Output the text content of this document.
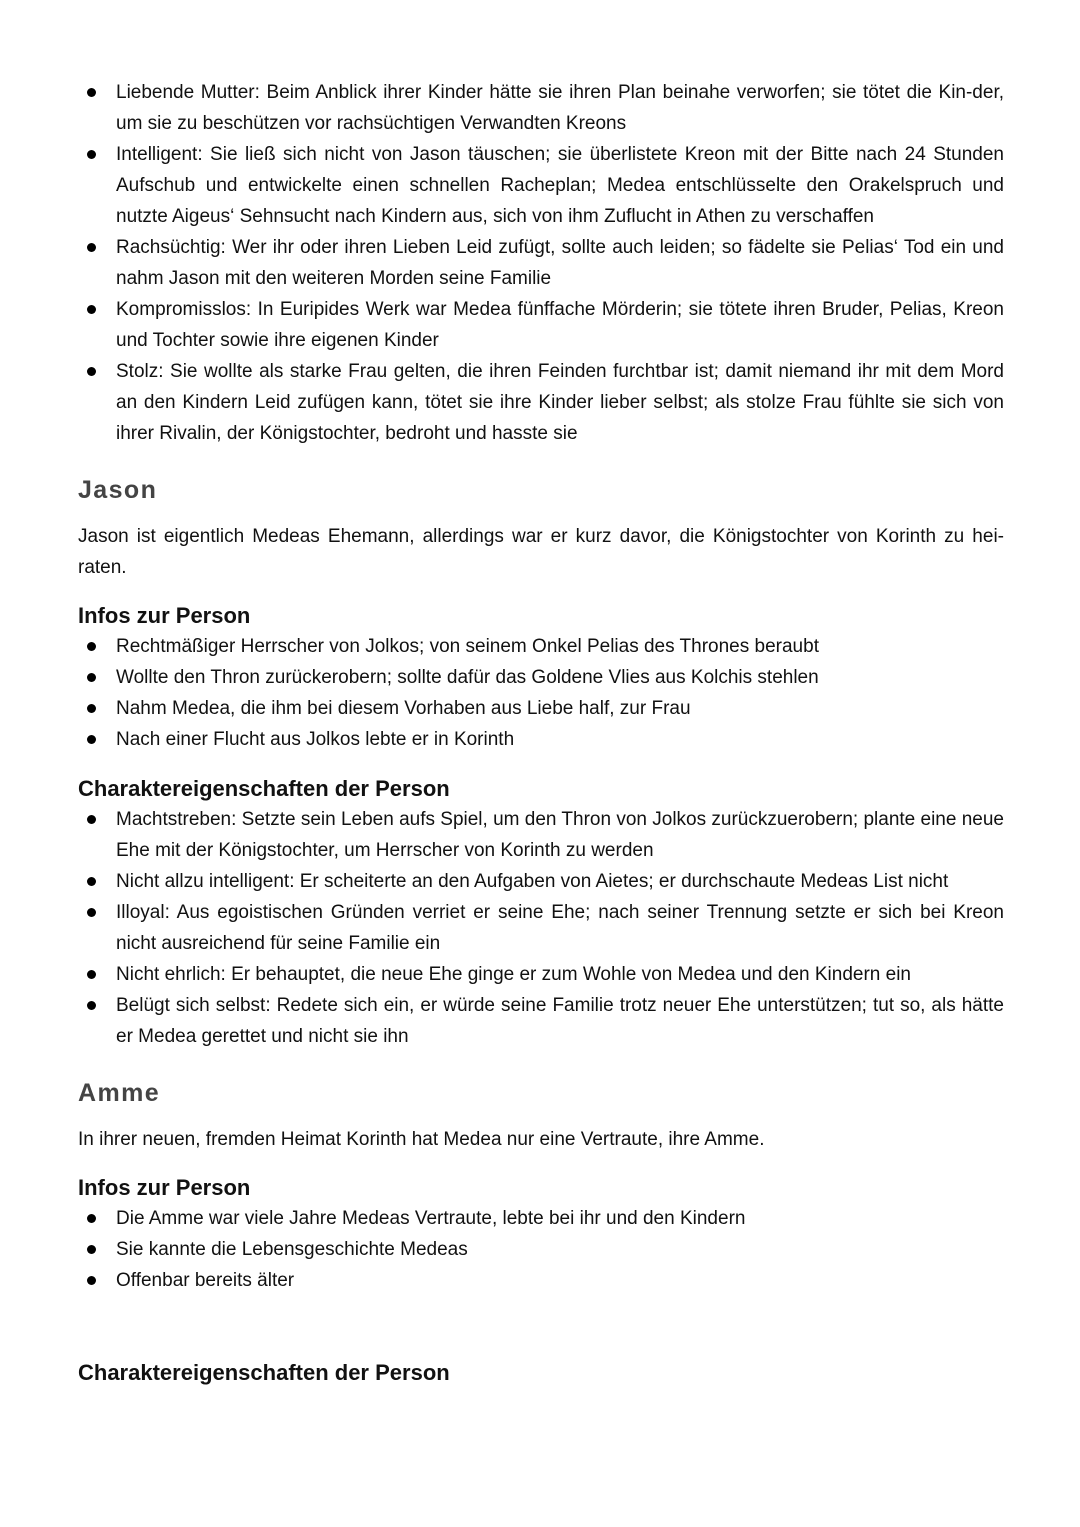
Liebende Mutter: Beim Anblick ihrer Kinder hätte sie ihren Plan beinahe verworfen; sie tötet die Kin-der, um sie zu beschützen vor rachsüchtigen Verwandten Kreons
Intelligent: Sie ließ sich nicht von Jason täuschen; sie überlistete Kreon mit der Bitte nach 24 Stunden Aufschub und entwickelte einen schnellen Racheplan; Medea entschlüsselte den Orakelspruch und nutzte Aigeus‘ Sehnsucht nach Kindern aus, sich von ihm Zuflucht in Athen zu verschaffen
Rachsüchtig: Wer ihr oder ihren Lieben Leid zufügt, sollte auch leiden; so fädelte sie Pelias‘ Tod ein und nahm Jason mit den weiteren Morden seine Familie
Kompromisslos: In Euripides Werk war Medea fünffache Mörderin; sie tötete ihren Bruder, Pelias, Kreon und Tochter sowie ihre eigenen Kinder
Stolz: Sie wollte als starke Frau gelten, die ihren Feinden furchtbar ist; damit niemand ihr mit dem Mord an den Kindern Leid zufügen kann, tötet sie ihre Kinder lieber selbst; als stolze Frau fühlte sie sich von ihrer Rivalin, der Königstochter, bedroht und hasste sie
Jason

Jason ist eigentlich Medeas Ehemann, allerdings war er kurz davor, die Königstochter von Korinth zu hei-raten.

Infos zur Person
Rechtmäßiger Herrscher von Jolkos; von seinem Onkel Pelias des Thrones beraubt
Wollte den Thron zurückerobern; sollte dafür das Goldene Vlies aus Kolchis stehlen
Nahm Medea, die ihm bei diesem Vorhaben aus Liebe half, zur Frau
Nach einer Flucht aus Jolkos lebte er in Korinth
Charaktereigenschaften der Person
Machtstreben: Setzte sein Leben aufs Spiel, um den Thron von Jolkos zurückzuerobern; plante eine neue Ehe mit der Königstochter, um Herrscher von Korinth zu werden
Nicht allzu intelligent: Er scheiterte an den Aufgaben von Aietes; er durchschaute Medeas List nicht
Illoyal: Aus egoistischen Gründen verriet er seine Ehe; nach seiner Trennung setzte er sich bei Kreon nicht ausreichend für seine Familie ein
Nicht ehrlich: Er behauptet, die neue Ehe ginge er zum Wohle von Medea und den Kindern ein
Belügt sich selbst: Redete sich ein, er würde seine Familie trotz neuer Ehe unterstützen; tut so, als hätte er Medea gerettet und nicht sie ihn
Amme

In ihrer neuen, fremden Heimat Korinth hat Medea nur eine Vertraute, ihre Amme.

Infos zur Person
Die Amme war viele Jahre Medeas Vertraute, lebte bei ihr und den Kindern
Sie kannte die Lebensgeschichte Medeas
Offenbar bereits älter
Charaktereigenschaften der Person
